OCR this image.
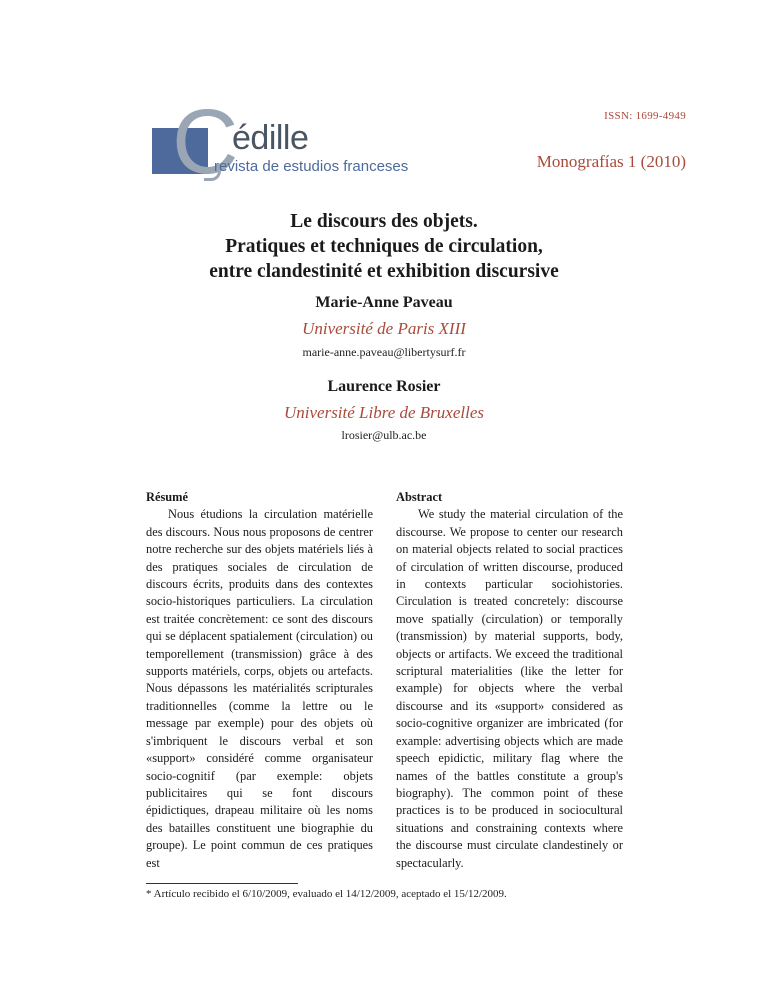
C
édille
revista de estudios franceses
ISSN: 1699-4949
Monografías 1 (2010)
Le discours des objets.
Pratiques et techniques de circulation,
entre clandestinité et exhibition discursive
Marie-Anne Paveau
Université de Paris XIII
marie-anne.paveau@libertysurf.fr
Laurence Rosier
Université Libre de Bruxelles
lrosier@ulb.ac.be
Résumé

Nous étudions la circulation matérielle des discours. Nous nous proposons de centrer notre recherche sur des objets matériels liés à des pratiques sociales de circulation de discours écrits, produits dans des contextes socio-historiques particuliers. La circulation est traitée concrètement: ce sont des discours qui se déplacent spatialement (circulation) ou temporellement (transmission) grâce à des supports matériels, corps, objets ou artefacts. Nous dépassons les matérialités scripturales traditionnelles (comme la lettre ou le message par exemple) pour des objets où s'imbriquent le discours verbal et son «support» considéré comme organisateur socio-cognitif (par exemple: objets publicitaires qui se font discours épidictiques, drapeau militaire où les noms des batailles constituent une biographie du groupe). Le point commun de ces pratiques est

Abstract

We study the material circulation of the discourse. We propose to center our research on material objects related to social practices of circulation of written discourse, produced in contexts particular sociohistories. Circulation is treated concretely: discourse move spatially (circulation) or temporally (transmission) by material supports, body, objects or artifacts. We exceed the traditional scriptural materialities (like the letter for example) for objects where the verbal discourse and its «support» considered as socio-cognitive organizer are imbricated (for example: advertising objects which are made speech epidictic, military flag where the names of the battles constitute a group's biography). The common point of these practices is to be produced in sociocultural situations and constraining contexts where the discourse must circulate clandestinely or spectacularly.

* Artículo recibido el 6/10/2009, evaluado el 14/12/2009, aceptado el 15/12/2009.
